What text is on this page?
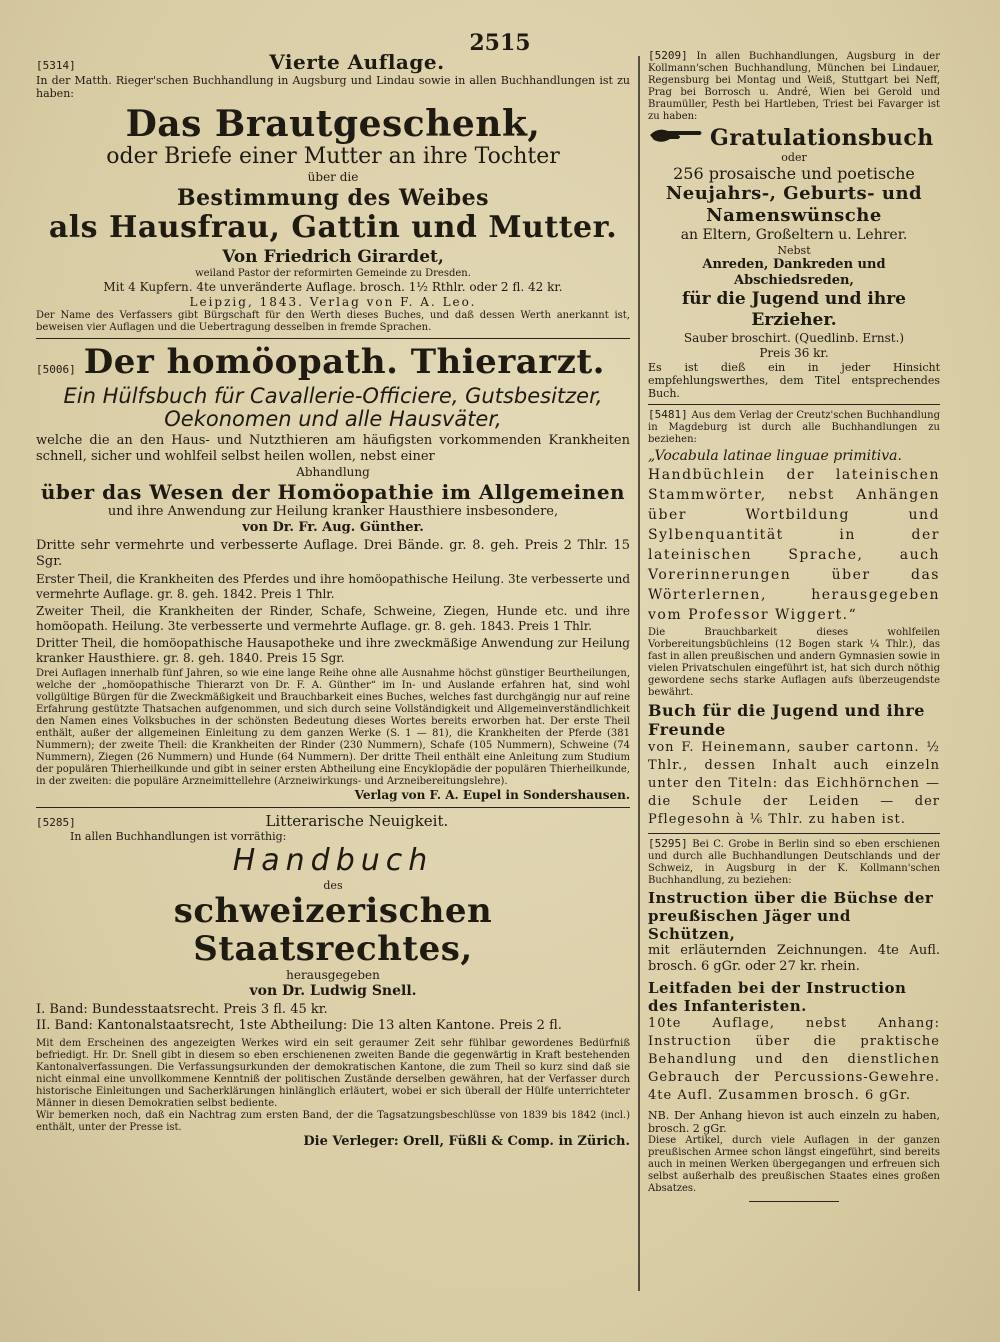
2515
[5314]	Vierte Auflage.
In der Matth. Rieger'schen Buchhandlung in Augsburg und Lindau sowie in allen Buchhandlungen ist zu haben:
Das Brautgeschenk,
oder Briefe einer Mutter an ihre Tochter
über die
Bestimmung des Weibes
als Hausfrau, Gattin und Mutter.
Von Friedrich Girardet,
weiland Pastor der reformirten Gemeinde zu Dresden.
Mit 4 Kupfern. 4te unveränderte Auflage. brosch. 1½ Rthlr. oder 2 fl. 42 kr.
Leipzig, 1843. Verlag von F. A. Leo.
Der Name des Verfassers gibt Bürgschaft für den Werth dieses Buches, und daß dessen Werth anerkannt ist, beweisen vier Auflagen und die Uebertragung desselben in fremde Sprachen.
[5006] Der homöopath. Thierarzt.
Ein Hülfsbuch für Cavallerie-Officiere, Gutsbesitzer,
Oekonomen und alle Hausväter,
welche die an den Haus- und Nutzthieren am häufigsten vorkommenden Krankheiten schnell, sicher und wohlfeil selbst heilen wollen, nebst einer
Abhandlung
über das Wesen der Homöopathie im Allgemeinen
und ihre Anwendung zur Heilung kranker Hausthiere insbesondere,
von Dr. Fr. Aug. Günther.
Dritte sehr vermehrte und verbesserte Auflage. Drei Bände. gr. 8. geh. Preis 2 Thlr. 15 Sgr.
Erster Theil, die Krankheiten des Pferdes und ihre homöopathische Heilung. 3te verbesserte und vermehrte Auflage. gr. 8. geh. 1842. Preis 1 Thlr.
Zweiter Theil, die Krankheiten der Rinder, Schafe, Schweine, Ziegen, Hunde etc. und ihre homöopath. Heilung. 3te verbesserte und vermehrte Auflage. gr. 8. geh. 1843. Preis 1 Thlr.
Dritter Theil, die homöopathische Hausapotheke und ihre zweckmäßige Anwendung zur Heilung kranker Hausthiere. gr. 8. geh. 1840. Preis 15 Sgr.
Drei Auflagen innerhalb fünf Jahren, so wie eine lange Reihe ohne alle Ausnahme höchst günstiger Beurtheilungen, welche der „homöopathische Thierarzt von Dr. F. A. Günther“ im In- und Auslande erfahren hat, sind wohl vollgültige Bürgen für die Zweckmäßigkeit und Brauchbarkeit eines Buches, welches fast durchgängig nur auf reine Erfahrung gestützte Thatsachen aufgenommen, und sich durch seine Vollständigkeit und Allgemeinverständlichkeit den Namen eines Volksbuches in der schönsten Bedeutung dieses Wortes bereits erworben hat. Der erste Theil enthält, außer der allgemeinen Einleitung zu dem ganzen Werke (S. 1 — 81), die Krankheiten der Pferde (381 Nummern); der zweite Theil: die Krankheiten der Rinder (230 Nummern), Schafe (105 Nummern), Schweine (74 Nummern), Ziegen (26 Nummern) und Hunde (64 Nummern). Der dritte Theil enthält eine Anleitung zum Studium der populären Thierheilkunde und gibt in seiner ersten Abtheilung eine Encyklopädie der populären Thierheilkunde, in der zweiten: die populäre Arzneimittellehre (Arzneiwirkungs- und Arzneibereitungslehre).
Verlag von F. A. Eupel in Sondershausen.
[5285]	Litterarische Neuigkeit.
In allen Buchhandlungen ist vorräthig:
Handbuch
des
schweizerischen Staatsrechtes,
herausgegeben
von Dr. Ludwig Snell.
I. Band: Bundesstaatsrecht. Preis 3 fl. 45 kr.
II. Band: Kantonalstaatsrecht, 1ste Abtheilung: Die 13 alten Kantone. Preis 2 fl.
Mit dem Erscheinen des angezeigten Werkes wird ein seit geraumer Zeit sehr fühlbar gewordenes Bedürfniß befriedigt. Hr. Dr. Snell gibt in diesem so eben erschienenen zweiten Bande die gegenwärtig in Kraft bestehenden Kantonalverfassungen. Die Verfassungsurkunden der demokratischen Kantone, die zum Theil so kurz sind daß sie nicht einmal eine unvollkommene Kenntniß der politischen Zustände derselben gewähren, hat der Verfasser durch historische Einleitungen und Sacherklärungen hinlänglich erläutert, wobei er sich überall der Hülfe unterrichteter Männer in diesen Demokratien selbst bediente.
Wir bemerken noch, daß ein Nachtrag zum ersten Band, der die Tagsatzungsbeschlüsse von 1839 bis 1842 (incl.) enthält, unter der Presse ist.
Die Verleger: Orell, Füßli & Comp. in Zürich.
[5209] In allen Buchhandlungen, Augsburg in der Kollmann'schen Buchhandlung, München bei Lindauer, Regensburg bei Montag und Weiß, Stuttgart bei Neff, Prag bei Borrosch u. André, Wien bei Gerold und Braumüller, Pesth bei Hartleben, Triest bei Favarger ist zu haben:
Gratulationsbuch
oder
256 prosaische und poetische
Neujahrs-, Geburts- und Namenswünsche
an Eltern, Großeltern u. Lehrer.
Nebst
Anreden, Dankreden und Abschiedsreden,
für die Jugend und ihre Erzieher.
Sauber broschirt. (Quedlinb. Ernst.)
Preis 36 kr.
Es ist dieß ein in jeder Hinsicht empfehlungswerthes, dem Titel entsprechendes Buch.
[5481] Aus dem Verlag der Creutz'schen Buchhandlung in Magdeburg ist durch alle Buchhandlungen zu beziehen:
„Vocabula latinae linguae primitiva.
Handbüchlein der lateinischen Stammwörter, nebst Anhängen über Wortbildung und Sylbenquantität in der lateinischen Sprache, auch Vorerinnerungen über das Wörterlernen, herausgegeben vom Professor Wiggert.“
Die Brauchbarkeit dieses wohlfeilen Vorbereitungsbüchleins (12 Bogen stark ¼ Thlr.), das fast in allen preußischen und andern Gymnasien sowie in vielen Privatschulen eingeführt ist, hat sich durch nöthig gewordene sechs starke Auflagen aufs überzeugendste bewährt.
Buch für die Jugend und ihre Freunde
von F. Heinemann, sauber cartonn. ½ Thlr., dessen Inhalt auch einzeln unter den Titeln: das Eichhörnchen — die Schule der Leiden — der Pflegesohn à ⅙ Thlr. zu haben ist.
[5295] Bei C. Grobe in Berlin sind so eben erschienen und durch alle Buchhandlungen Deutschlands und der Schweiz, in Augsburg in der K. Kollmann'schen Buchhandlung, zu beziehen:
Instruction über die Büchse der preußischen Jäger und Schützen,
mit erläuternden Zeichnungen. 4te Aufl. brosch. 6 gGr. oder 27 kr. rhein.
Leitfaden bei der Instruction des Infanteristen.
10te Auflage, nebst Anhang: Instruction über die praktische Behandlung und den dienstlichen Gebrauch der Percussions-Gewehre. 4te Aufl. Zusammen brosch. 6 gGr.
NB. Der Anhang hievon ist auch einzeln zu haben, brosch. 2 gGr.
Diese Artikel, durch viele Auflagen in der ganzen preußischen Armee schon längst eingeführt, sind bereits auch in meinen Werken übergegangen und erfreuen sich selbst außerhalb des preußischen Staates eines großen Absatzes.
